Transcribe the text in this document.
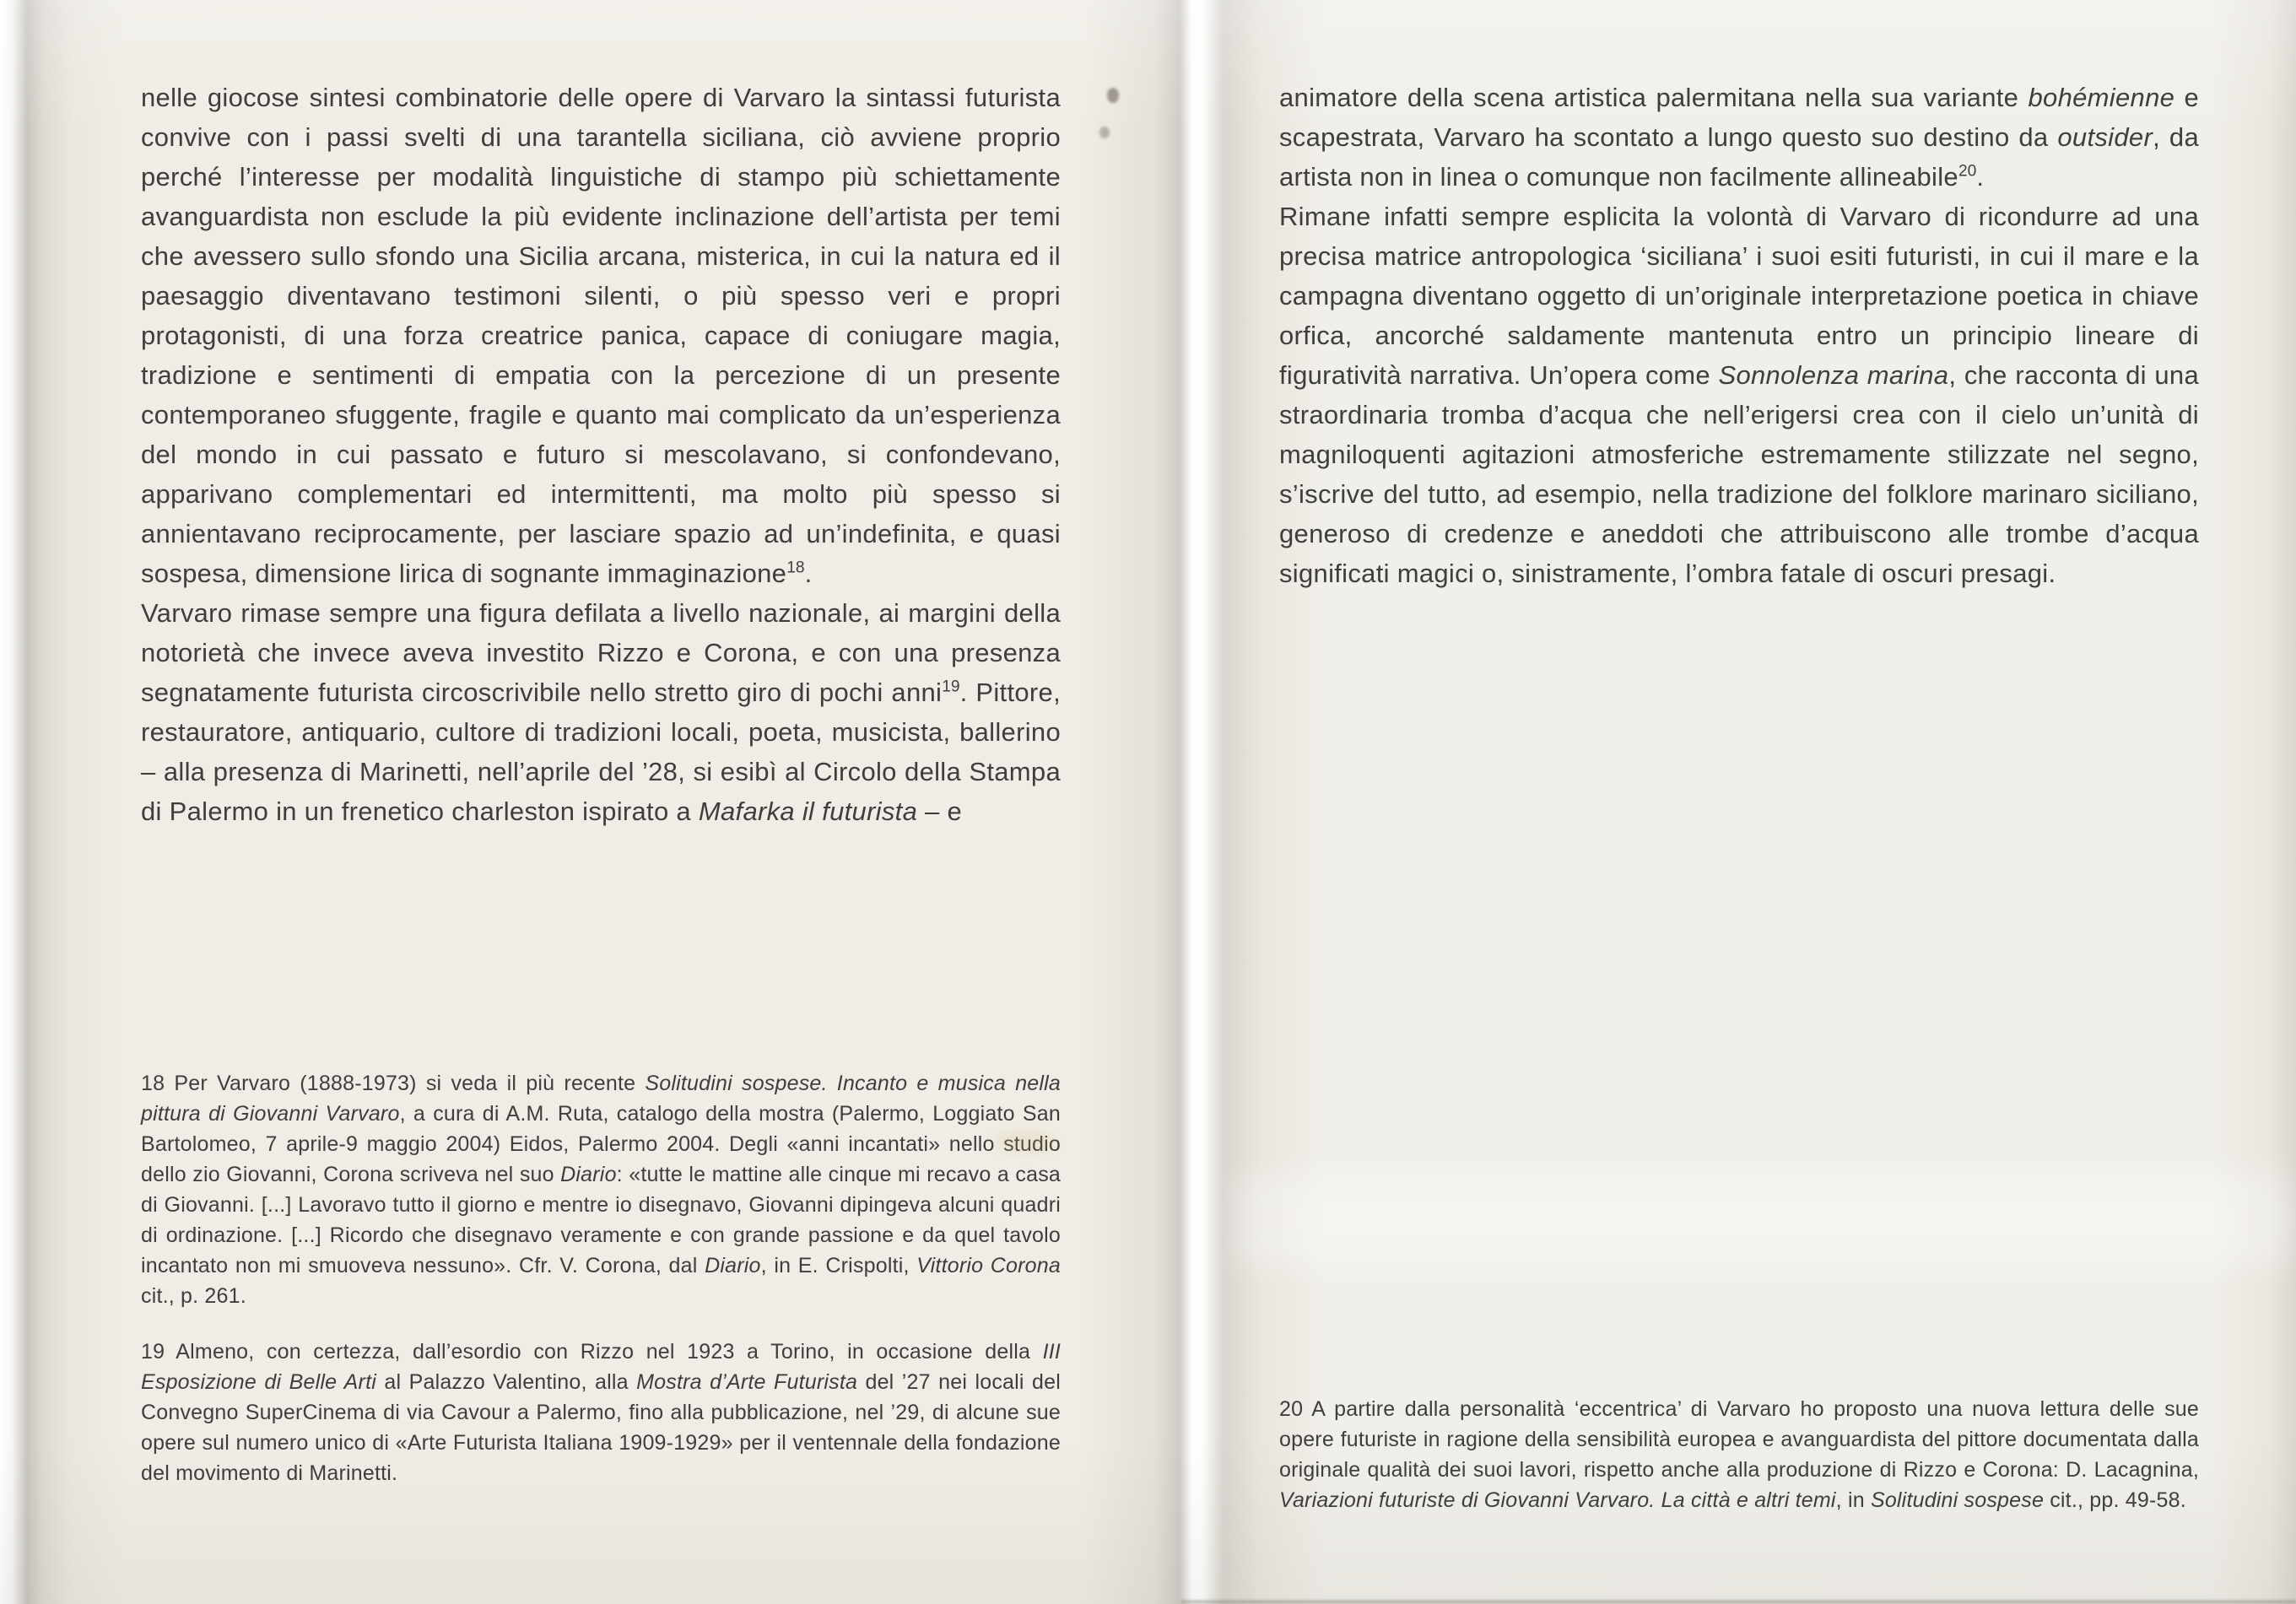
nelle giocose sintesi combinatorie delle opere di Varvaro la sintassi futurista convive con i passi svelti di una tarantella siciliana, ciò avviene proprio perché l’interesse per modalità linguistiche di stampo più schiettamente avanguardista non esclude la più evidente inclinazione dell’artista per temi che avessero sullo sfondo una Sicilia arcana, misterica, in cui la natura ed il paesaggio diventavano testimoni silenti, o più spesso veri e propri protagonisti, di una forza creatrice panica, capace di coniugare magia, tradizione e sentimenti di empatia con la percezione di un presente contemporaneo sfuggente, fragile e quanto mai complicato da un’esperienza del mondo in cui passato e futuro si mescolavano, si confondevano, apparivano complementari ed intermittenti, ma molto più spesso si annientavano reciprocamente, per lasciare spazio ad un’indefinita, e quasi sospesa, dimensione lirica di sognante immaginazione$^{18}$.

Varvaro rimase sempre una figura defilata a livello nazionale, ai margini della notorietà che invece aveva investito Rizzo e Corona, e con una presenza segnatamente futurista circoscrivibile nello stretto giro di pochi anni$^{19}$. Pittore, restauratore, antiquario, cultore di tradizioni locali, poeta, musicista, ballerino – alla presenza di Marinetti, nell’aprile del ’28, si esibì al Circolo della Stampa di Palermo in un frenetico charleston ispirato a Mafarka il futurista – e

18 Per Varvaro (1888-1973) si veda il più recente Solitudini sospese. Incanto e musica nella pittura di Giovanni Varvaro, a cura di A.M. Ruta, catalogo della mostra (Palermo, Loggiato San Bartolomeo, 7 aprile-9 maggio 2004) Eidos, Palermo 2004. Degli «anni incantati» nello studio dello zio Giovanni, Corona scriveva nel suo Diario: «tutte le mattine alle cinque mi recavo a casa di Giovanni. [...] Lavoravo tutto il giorno e mentre io disegnavo, Giovanni dipingeva alcuni quadri di ordinazione. [...] Ricordo che disegnavo veramente e con grande passione e da quel tavolo incantato non mi smuoveva nessuno». Cfr. V. Corona, dal Diario, in E. Crispolti, Vittorio Corona cit., p. 261.

19 Almeno, con certezza, dall’esordio con Rizzo nel 1923 a Torino, in occasione della III Esposizione di Belle Arti al Palazzo Valentino, alla Mostra d’Arte Futurista del ’27 nei locali del Convegno SuperCinema di via Cavour a Palermo, fino alla pubblicazione, nel ’29, di alcune sue opere sul numero unico di «Arte Futurista Italiana 1909-1929» per il ventennale della fondazione del movimento di Marinetti.

animatore della scena artistica palermitana nella sua variante bohémienne e scapestrata, Varvaro ha scontato a lungo questo suo destino da outsider, da artista non in linea o comunque non facilmente allineabile$^{20}$.

Rimane infatti sempre esplicita la volontà di Varvaro di ricondurre ad una precisa matrice antropologica ‘siciliana’ i suoi esiti futuristi, in cui il mare e la campagna diventano oggetto di un’originale interpretazione poetica in chiave orfica, ancorché saldamente mantenuta entro un principio lineare di figuratività narrativa. Un’opera come Sonnolenza marina, che racconta di una straordinaria tromba d’acqua che nell’erigersi crea con il cielo un’unità di magniloquenti agitazioni atmosferiche estremamente stilizzate nel segno, s’iscrive del tutto, ad esempio, nella tradizione del folklore marinaro siciliano, generoso di credenze e aneddoti che attribuiscono alle trombe d’acqua significati magici o, sinistramente, l’ombra fatale di oscuri presagi.

20 A partire dalla personalità ‘eccentrica’ di Varvaro ho proposto una nuova lettura delle sue opere futuriste in ragione della sensibilità europea e avanguardista del pittore documentata dalla originale qualità dei suoi lavori, rispetto anche alla produzione di Rizzo e Corona: D. Lacagnina, Variazioni futuriste di Giovanni Varvaro. La città e altri temi, in Solitudini sospese cit., pp. 49-58.
